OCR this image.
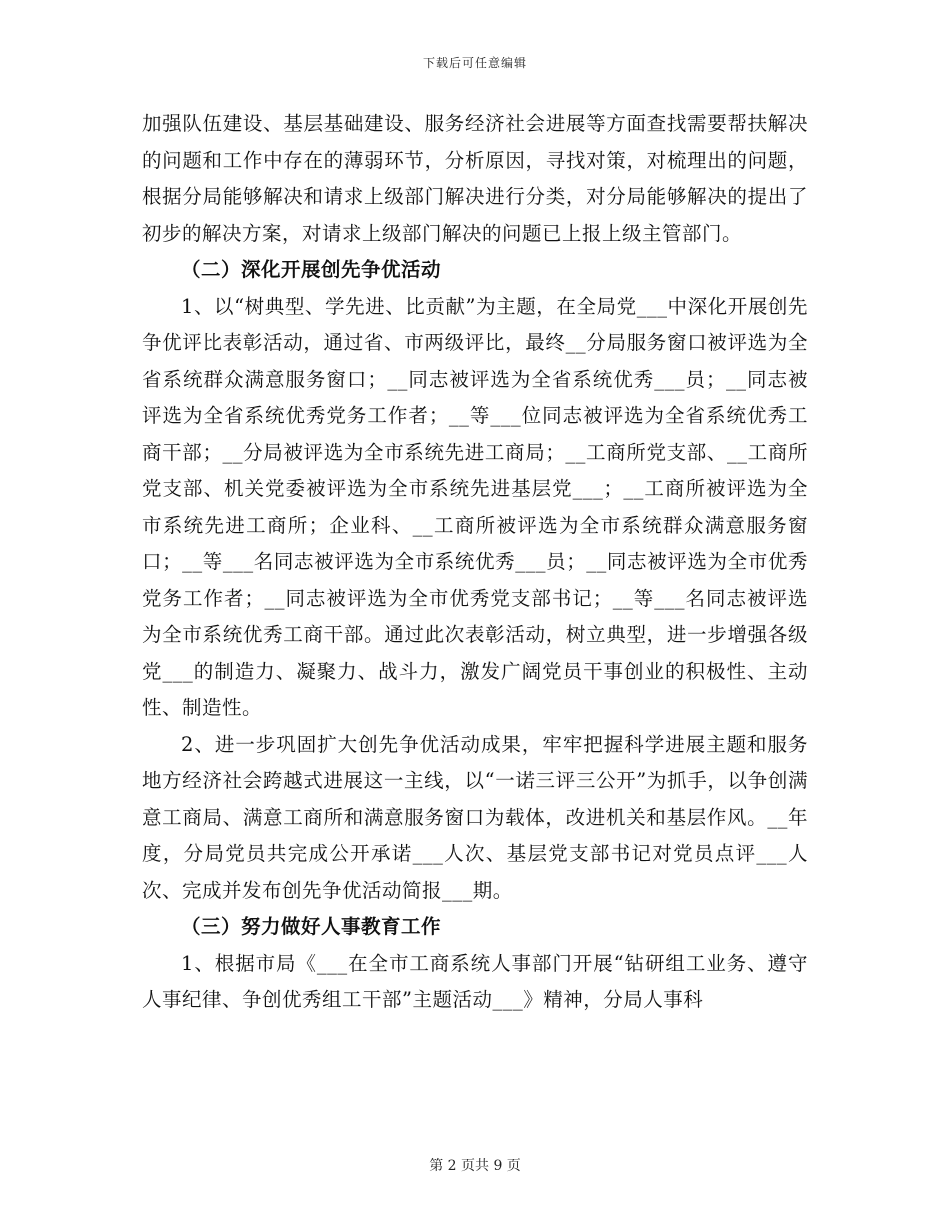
下载后可任意编辑

加强队伍建设、基层基础建设、服务经济社会进展等方面查找需要帮扶解决的问题和工作中存在的薄弱环节，分析原因，寻找对策，对梳理出的问题，根据分局能够解决和请求上级部门解决进行分类，对分局能够解决的提出了初步的解决方案，对请求上级部门解决的问题已上报上级主管部门。

（二）深化开展创先争优活动

1、以“树典型、学先进、比贡献”为主题，在全局党___中深化开展创先争优评比表彰活动，通过省、市两级评比，最终__分局服务窗口被评选为全省系统群众满意服务窗口；__同志被评选为全省系统优秀___员；__同志被评选为全省系统优秀党务工作者；__等___位同志被评选为全省系统优秀工商干部；__分局被评选为全市系统先进工商局；__工商所党支部、__工商所党支部、机关党委被评选为全市系统先进基层党___；__工商所被评选为全市系统先进工商所；企业科、__工商所被评选为全市系统群众满意服务窗口；__等___名同志被评选为全市系统优秀___员；__同志被评选为全市优秀党务工作者；__同志被评选为全市优秀党支部书记；__等___名同志被评选为全市系统优秀工商干部。通过此次表彰活动，树立典型，进一步增强各级党___的制造力、凝聚力、战斗力，激发广阔党员干事创业的积极性、主动性、制造性。

2、进一步巩固扩大创先争优活动成果，牢牢把握科学进展主题和服务地方经济社会跨越式进展这一主线，以“一诺三评三公开”为抓手，以争创满意工商局、满意工商所和满意服务窗口为载体，改进机关和基层作风。__年度，分局党员共完成公开承诺___人次、基层党支部书记对党员点评___人次、完成并发布创先争优活动简报___期。

（三）努力做好人事教育工作

1、根据市局《___在全市工商系统人事部门开展“钻研组工业务、遵守人事纪律、争创优秀组工干部”主题活动___》精神，分局人事科

第 2 页共 9 页
